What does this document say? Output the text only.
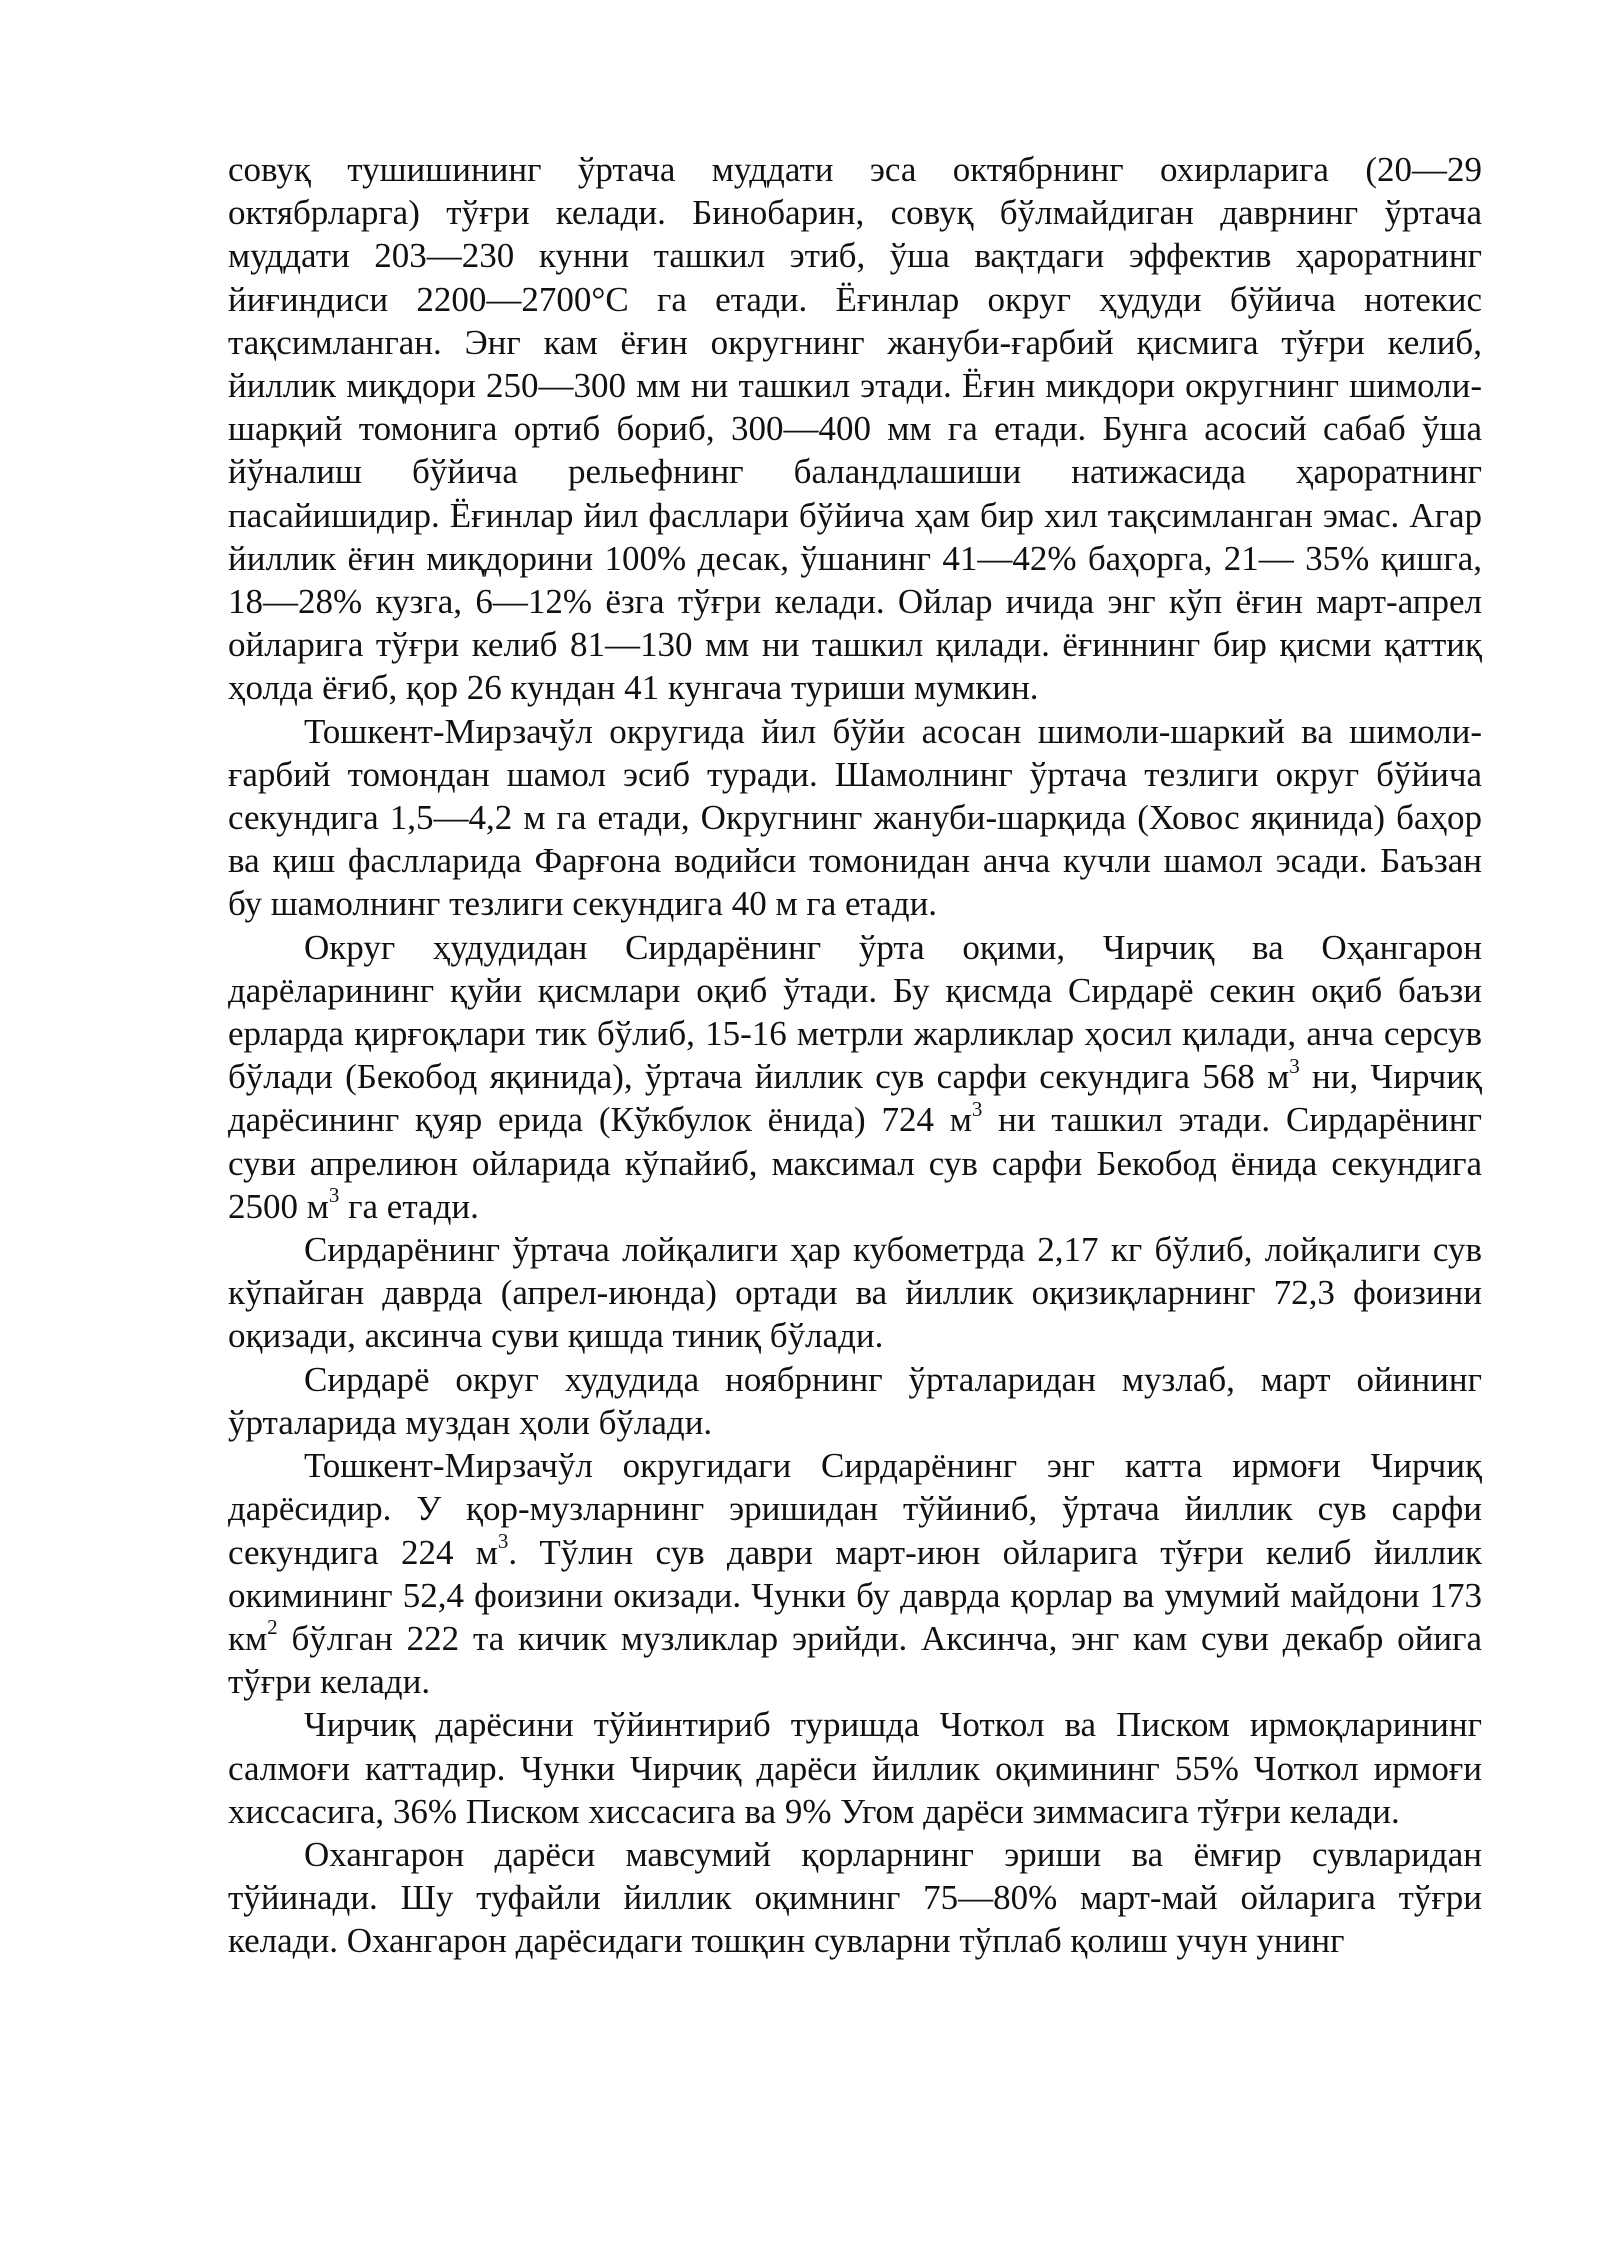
совуқ тушишининг ўртача муддати эса октябрнинг охирларига (20—29 октябрларга) тўғри келади. Бинобарин, совуқ бўлмайдиган даврнинг ўртача муддати 203—230 кунни ташкил этиб, ўша вақтдаги эффектив ҳароратнинг йиғиндиси 2200—2700°С га етади. Ёғинлар округ ҳудуди бўйича нотекис тақсимланган. Энг кам ёғин округнинг жануби-ғарбий қисмига тўғри келиб, йиллик миқдори 250—300 мм ни ташкил этади. Ёғин микдори округнинг шимоли-шарқий томонига ортиб бориб, 300—400 мм га етади. Бунга асосий сабаб ўша йўналиш бўйича рельефнинг баландлашиши натижасида ҳароратнинг пасайишидир. Ёғинлар йил фасллари бўйича ҳам бир хил тақсимланган эмас. Агар йиллик ёғин миқдорини 100% десак, ўшанинг 41—42% баҳорга, 21— 35% қишга, 18—28% кузга, 6—12% ёзга тўғри келади. Ойлар ичида энг кўп ёғин март-апрел ойларига тўғри келиб 81—130 мм ни ташкил қилади. ёғиннинг бир қисми қаттиқ ҳолда ёғиб, қор 26 кундан 41 кунгача туриши мумкин.

Тошкент-Мирзачўл округида йил бўйи асосан шимоли-шаркий ва шимоли-ғарбий томондан шамол эсиб туради. Шамолнинг ўртача тезлиги округ бўйича секундига 1,5—4,2 м га етади, Округнинг жануби-шарқида (Ховос яқинида) баҳор ва қиш фаслларида Фарғона водийси томонидан анча кучли шамол эсади. Баъзан бу шамолнинг тезлиги секундига 40 м га етади.

Округ ҳудудидан Сирдарёнинг ўрта оқими, Чирчиқ ва Оҳангарон дарёларининг қуйи қисмлари оқиб ўтади. Бу қисмда Сирдарё секин оқиб баъзи ерларда қирғоқлари тик бўлиб, 15-16 метрли жарликлар ҳосил қилади, анча серсув бўлади (Бекобод яқинида), ўртача йиллик сув сарфи секундига 568 $м^3$ ни, Чирчиқ дарёсининг қуяр ерида (Кўкбулок ёнида) 724 $м^3$ ни ташкил этади. Сирдарёнинг суви апрелиюн ойларида кўпайиб, максимал сув сарфи Бекобод ёнида секундига 2500 $м^3$ га етади.

Сирдарёнинг ўртача лойқалиги ҳар кубометрда 2,17 кг бўлиб, лойқалиги сув кўпайган даврда (апрел-июнда) ортади ва йиллик оқизиқларнинг 72,3 фоизини оқизади, аксинча суви қишда тиниқ бўлади.

Сирдарё округ худудида ноябрнинг ўрталаридан музлаб, март ойининг ўрталарида муздан ҳоли бўлади.

Тошкент-Мирзачўл округидаги Сирдарёнинг энг катта ирмоғи Чирчиқ дарёсидир. У қор-музларнинг эришидан тўйиниб, ўртача йиллик сув сарфи секундига 224 $м^3$. Тўлин сув даври март-июн ойларига тўғри келиб йиллик окимининг 52,4 фоизини окизади. Чунки бу даврда қорлар ва умумий майдони 173 $км^2$ бўлган 222 та кичик музликлар эрийди. Аксинча, энг кам суви декабр ойига тўғри келади.

Чирчиқ дарёсини тўйинтириб туришда Чоткол ва Писком ирмоқларининг салмоғи каттадир. Чунки Чирчиқ дарёси йиллик оқимининг 55% Чоткол ирмоғи хиссасига, 36% Писком хиссасига ва 9% Угом дарёси зиммасига тўғри келади.

Охангарон дарёси мавсумий қорларнинг эриши ва ёмғир сувларидан тўйинади. Шу туфайли йиллик оқимнинг 75—80% март-май ойларига тўғри келади. Охангарон дарёсидаги тошқин сувларни тўплаб қолиш учун унинг
